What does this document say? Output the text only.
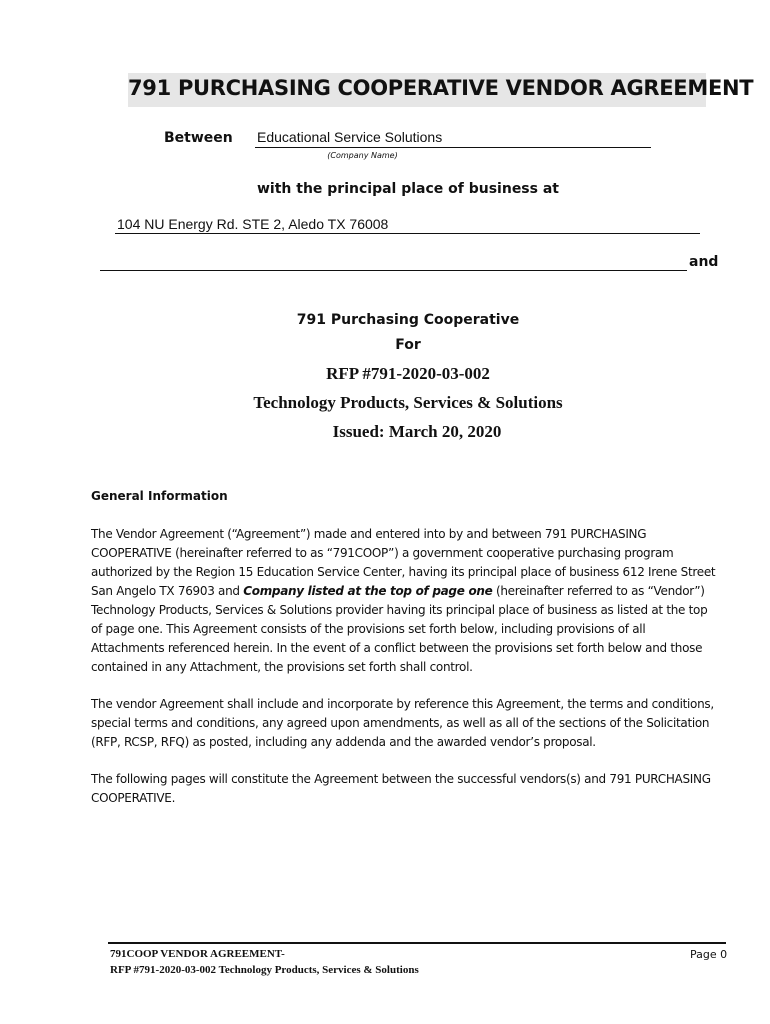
791 PURCHASING COOPERATIVE VENDOR AGREEMENT
Between Educational Service Solutions
(Company Name)
with the principal place of business at
104 NU Energy Rd. STE 2, Aledo TX 76008
and
791 Purchasing Cooperative
For
RFP #791-2020-03-002
Technology Products, Services & Solutions
Issued: March 20, 2020
General Information
The Vendor Agreement (“Agreement”) made and entered into by and between 791 PURCHASING COOPERATIVE (hereinafter referred to as “791COOP”) a government cooperative purchasing program authorized by the Region 15 Education Service Center, having its principal place of business 612 Irene Street San Angelo TX 76903 and Company listed at the top of page one (hereinafter referred to as “Vendor”) Technology Products, Services & Solutions provider having its principal place of business as listed at the top of page one. This Agreement consists of the provisions set forth below, including provisions of all Attachments referenced herein. In the event of a conflict between the provisions set forth below and those contained in any Attachment, the provisions set forth shall control.
The vendor Agreement shall include and incorporate by reference this Agreement, the terms and conditions, special terms and conditions, any agreed upon amendments, as well as all of the sections of the Solicitation (RFP, RCSP, RFQ) as posted, including any addenda and the awarded vendor’s proposal.
The following pages will constitute the Agreement between the successful vendors(s) and 791 PURCHASING COOPERATIVE.
791COOP VENDOR AGREEMENT-
RFP #791-2020-03-002 Technology Products, Services & Solutions
Page 0
